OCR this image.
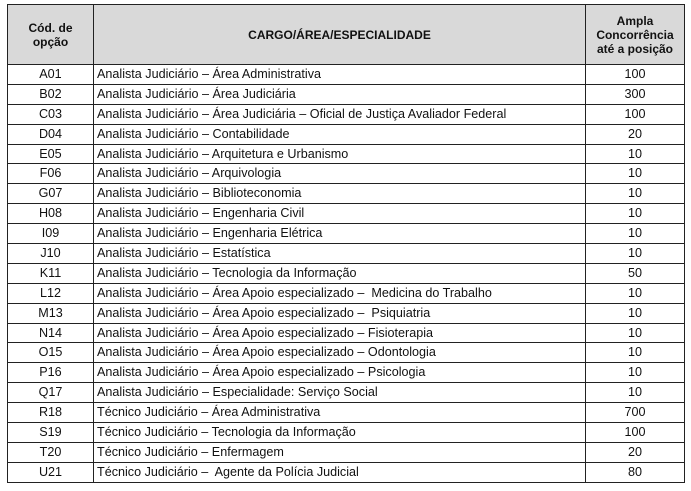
Cód. de
opção	CARGO/ÁREA/ESPECIALIDADE	Ampla
Concorrência
até a posição
A01	Analista Judiciário – Área Administrativa	100
B02	Analista Judiciário – Área Judiciária	300
C03	Analista Judiciário – Área Judiciária – Oficial de Justiça Avaliador Federal	100
D04	Analista Judiciário – Contabilidade	20
E05	Analista Judiciário – Arquitetura e Urbanismo	10
F06	Analista Judiciário – Arquivologia	10
G07	Analista Judiciário – Biblioteconomia	10
H08	Analista Judiciário – Engenharia Civil	10
I09	Analista Judiciário – Engenharia Elétrica	10
J10	Analista Judiciário – Estatística	10
K11	Analista Judiciário – Tecnologia da Informação	50
L12	Analista Judiciário – Área Apoio especializado –  Medicina do Trabalho	10
M13	Analista Judiciário – Área Apoio especializado –  Psiquiatria	10
N14	Analista Judiciário – Área Apoio especializado – Fisioterapia	10
O15	Analista Judiciário – Área Apoio especializado – Odontologia	10
P16	Analista Judiciário – Área Apoio especializado – Psicologia	10
Q17	Analista Judiciário – Especialidade: Serviço Social	10
R18	Técnico Judiciário – Área Administrativa	700
S19	Técnico Judiciário – Tecnologia da Informação	100
T20	Técnico Judiciário – Enfermagem	20
U21	Técnico Judiciário –  Agente da Polícia Judicial	80
